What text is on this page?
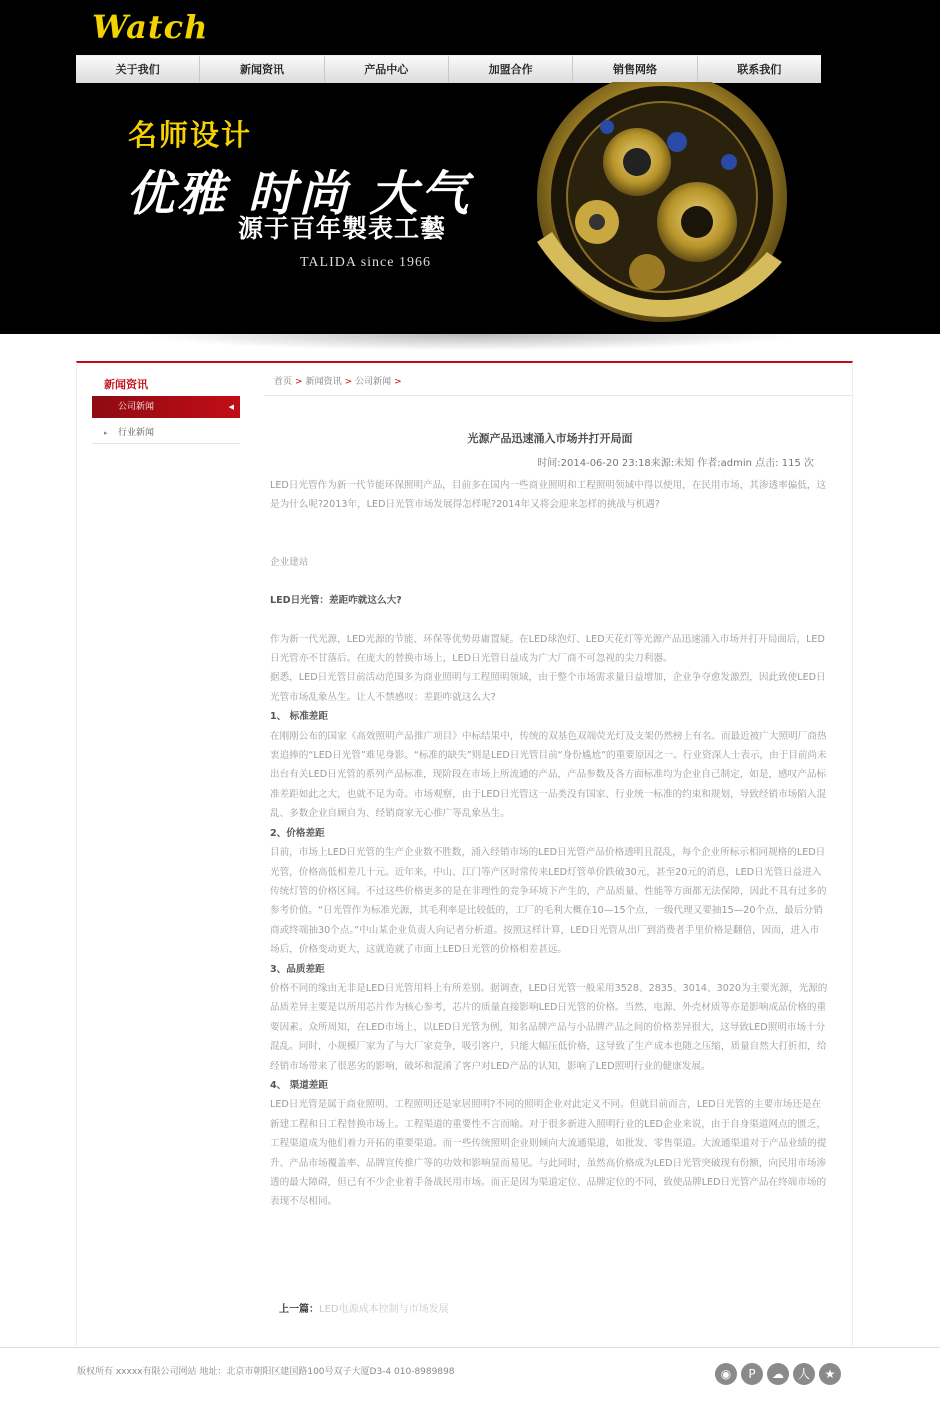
Watch
关于我们	新闻资讯	产品中心	加盟合作	销售网络	联系我们
名师设计
优雅 时尚 大气
源于百年製表工藝
TALIDA since 1966
新闻资讯
公司新闻	◀
▸ 行业新闻
首页 > 新闻资讯 > 公司新闻 >
光源产品迅速涌入市场并打开局面
时间:2014-06-20 23:18来源:未知 作者:admin 点击: 115 次

LED日光管作为新一代节能环保照明产品，目前多在国内一些商业照明和工程照明领域中得以使用，在民用市场，其渗透率偏低，这是为什么呢?2013年，LED日光管市场发展得怎样呢?2014年又将会迎来怎样的挑战与机遇?

企业建站

LED日光管：差距咋就这么大?

作为新一代光源，LED光源的节能、环保等优势毋庸置疑。在LED球泡灯、LED天花灯等光源产品迅速涌入市场并打开局面后，LED日光管亦不甘落后。在庞大的替换市场上，LED日光管日益成为广大厂商不可忽视的尖刀利器。

据悉，LED日光管目前活动范围多为商业照明与工程照明领域，由于整个市场需求量日益增加，企业争夺愈发激烈，因此致使LED日光管市场乱象丛生。让人不禁感叹：差距咋就这么大?

1、 标准差距

在刚刚公布的国家《高效照明产品推广项目》中标结果中，传统的双基色双端荧光灯及支架仍然榜上有名。而最近被广大照明厂商热衷追捧的“LED日光管”难见身影。“标准的缺失”则是LED日光管目前“身份尴尬”的重要原因之一。行业资深人士表示，由于目前尚未出台有关LED日光管的系列产品标准，现阶段在市场上所流通的产品，产品参数及各方面标准均为企业自己制定，如是，感叹产品标准差距如此之大，也就不足为奇。市场观察，由于LED日光管这一品类没有国家、行业统一标准的约束和规划，导致经销市场陷入混乱、多数企业自顾自为、经销商家无心推广等乱象丛生。

2、价格差距

目前，市场上LED日光管的生产企业数不胜数，涌入经销市场的LED日光管产品价格透明且混乱，每个企业所标示相同规格的LED日光管，价格高低相差几十元。近年来，中山、江门等产区时常传来LED灯管单价跌破30元，甚至20元的消息，LED日光管日益进入传统灯管的价格区间。不过这些价格更多的是在非理性的竞争环境下产生的，产品质量、性能等方面都无法保障，因此不具有过多的参考价值。“日光管作为标准光源，其毛利率是比较低的，工厂的毛利大概在10—15个点，一级代理又要抽15—20个点，最后分销商或终端抽30个点。”中山某企业负责人向记者分析道。按照这样计算，LED日光管从出厂到消费者手里价格是翻倍，因而，进入市场后，价格变动更大，这就造就了市面上LED日光管的价格相差甚远。

3、品质差距

价格不同的缘由无非是LED日光管用料上有所差别。据调查，LED日光管一般采用3528、2835、3014、3020为主要光源，光源的品质差异主要是以所用芯片作为核心参考，芯片的质量直接影响LED日光管的价格。当然，电源、外壳材质等亦是影响成品价格的重要因素。众所周知，在LED市场上，以LED日光管为例，知名品牌产品与小品牌产品之间的价格差异很大，这导致LED照明市场十分混乱。同时，小规模厂家为了与大厂家竞争，吸引客户，只能大幅压低价格，这导致了生产成本也随之压缩，质量自然大打折扣，给经销市场带来了很恶劣的影响，破坏和混淆了客户对LED产品的认知，影响了LED照明行业的健康发展。

4、 渠道差距

LED日光管是属于商业照明、工程照明还是家居照明?不同的照明企业对此定义不同。但就目前而言，LED日光管的主要市场还是在新建工程和日工程替换市场上。工程渠道的重要性不言而喻。对于很多新进入照明行业的LED企业来说，由于自身渠道网点的匮乏，工程渠道成为他们着力开拓的重要渠道。而一些传统照明企业则倾向大流通渠道，如批发、零售渠道。大流通渠道对于产品业绩的提升、产品市场覆盖率、品牌宣传推广等的功效和影响显而易见。与此同时，虽然高价格成为LED日光管突破现有份额，向民用市场渗透的最大障碍，但已有不少企业着手备战民用市场。而正是因为渠道定位、品牌定位的不同，致使品牌LED日光管产品在终端市场的表现不尽相同。

上一篇：LED电源成本控制与市场发展
版权所有 xxxxx有限公司网站 地址：北京市朝阳区建国路100号双子大厦D3-4 010-8989898	◉	P	☁	人	★
